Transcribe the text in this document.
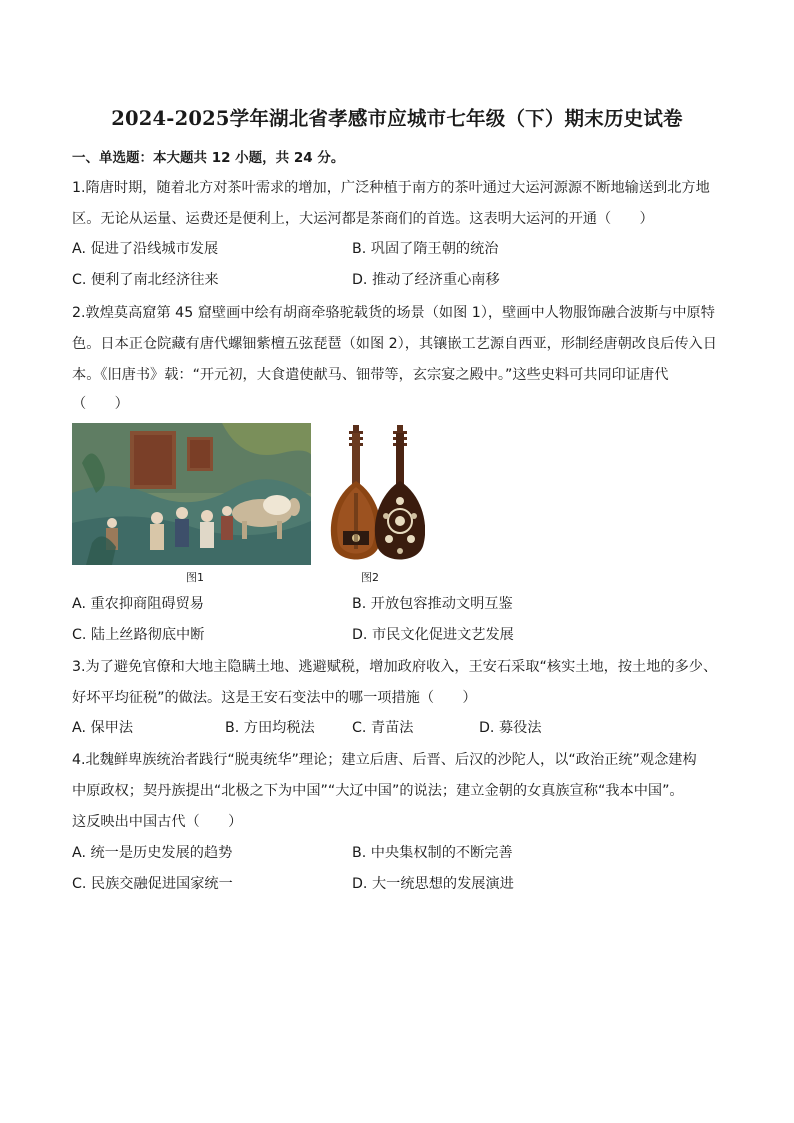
2024-2025学年湖北省孝感市应城市七年级（下）期末历史试卷
一、单选题：本大题共 12 小题，共 24 分。
1.隋唐时期，随着北方对茶叶需求的增加，广泛种植于南方的茶叶通过大运河源源不断地输送到北方地
区。无论从运量、运费还是便利上，大运河都是茶商们的首选。这表明大运河的开通（　　）
A. 促进了沿线城市发展	B. 巩固了隋王朝的统治
C. 便利了南北经济往来	D. 推动了经济重心南移
2.敦煌莫高窟第 45 窟壁画中绘有胡商牵骆驼载货的场景（如图 1），壁画中人物服饰融合波斯与中原特
色。日本正仓院藏有唐代螺钿紫檀五弦琵琶（如图 2），其镶嵌工艺源自西亚，形制经唐朝改良后传入日
本。《旧唐书》载：“开元初，大食遣使献马、钿带等，玄宗宴之殿中。”这些史料可共同印证唐代
（　　）
图1	图2
A. 重农抑商阻碍贸易	B. 开放包容推动文明互鉴
C. 陆上丝路彻底中断	D. 市民文化促进文艺发展
3.为了避免官僚和大地主隐瞒土地、逃避赋税，增加政府收入，王安石采取“核实土地，按土地的多少、
好坏平均征税”的做法。这是王安石变法中的哪一项措施（　　）
A. 保甲法	B. 方田均税法	C. 青苗法	D. 募役法
4.北魏鲜卑族统治者践行“脱夷统华”理论；建立后唐、后晋、后汉的沙陀人，以“政治正统”观念建构
中原政权；契丹族提出“北极之下为中国”“大辽中国”的说法；建立金朝的女真族宣称“我本中国”。
这反映出中国古代（　　）
A. 统一是历史发展的趋势	B. 中央集权制的不断完善
C. 民族交融促进国家统一	D. 大一统思想的发展演进
